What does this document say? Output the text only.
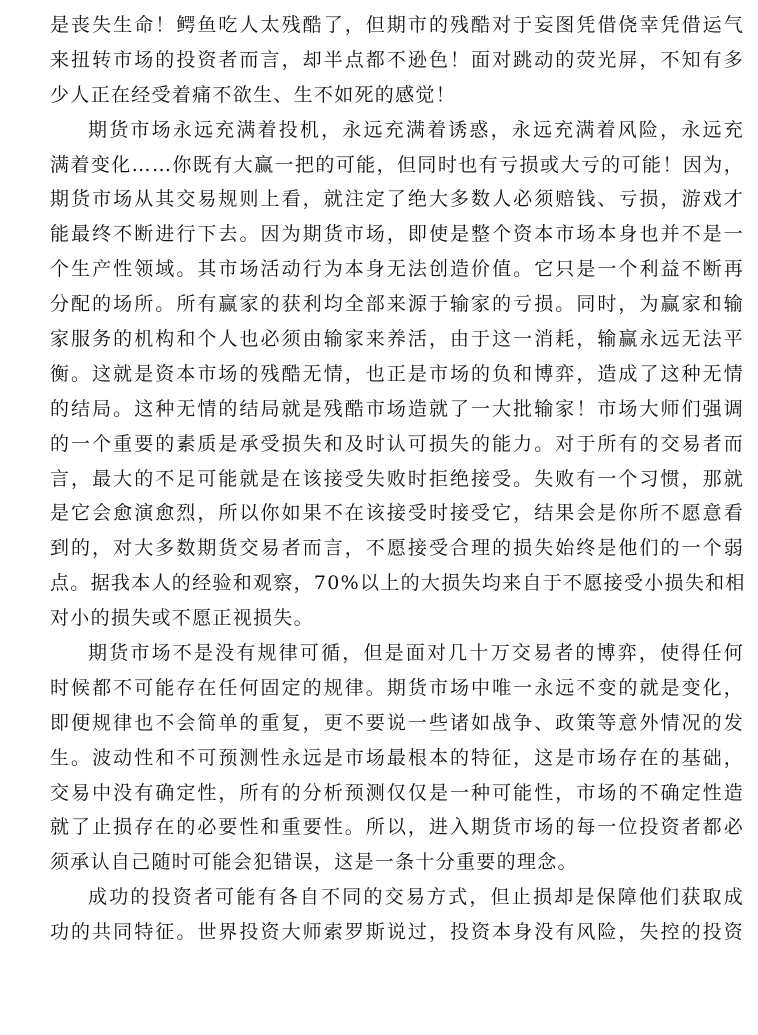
是丧失生命！鳄鱼吃人太残酷了，但期市的残酷对于妄图凭借侥幸凭借运气
来扭转市场的投资者而言，却半点都不逊色！面对跳动的荧光屏，不知有多
少人正在经受着痛不欲生、生不如死的感觉！
期货市场永远充满着投机，永远充满着诱惑，永远充满着风险，永远充
满着变化……你既有大赢一把的可能，但同时也有亏损或大亏的可能！因为，
期货市场从其交易规则上看，就注定了绝大多数人必须赔钱、亏损，游戏才
能最终不断进行下去。因为期货市场，即使是整个资本市场本身也并不是一
个生产性领域。其市场活动行为本身无法创造价值。它只是一个利益不断再
分配的场所。所有赢家的获利均全部来源于输家的亏损。同时，为赢家和输
家服务的机构和个人也必须由输家来养活，由于这一消耗，输赢永远无法平
衡。这就是资本市场的残酷无情，也正是市场的负和博弈，造成了这种无情
的结局。这种无情的结局就是残酷市场造就了一大批输家！市场大师们强调
的一个重要的素质是承受损失和及时认可损失的能力。对于所有的交易者而
言，最大的不足可能就是在该接受失败时拒绝接受。失败有一个习惯，那就
是它会愈演愈烈，所以你如果不在该接受时接受它，结果会是你所不愿意看
到的，对大多数期货交易者而言，不愿接受合理的损失始终是他们的一个弱
点。据我本人的经验和观察，70%以上的大损失均来自于不愿接受小损失和相
对小的损失或不愿正视损失。
期货市场不是没有规律可循，但是面对几十万交易者的博弈，使得任何
时候都不可能存在任何固定的规律。期货市场中唯一永远不变的就是变化，
即便规律也不会简单的重复，更不要说一些诸如战争、政策等意外情况的发
生。波动性和不可预测性永远是市场最根本的特征，这是市场存在的基础，
交易中没有确定性，所有的分析预测仅仅是一种可能性，市场的不确定性造
就了止损存在的必要性和重要性。所以，进入期货市场的每一位投资者都必
须承认自己随时可能会犯错误，这是一条十分重要的理念。
成功的投资者可能有各自不同的交易方式，但止损却是保障他们获取成
功的共同特征。世界投资大师索罗斯说过，投资本身没有风险，失控的投资
